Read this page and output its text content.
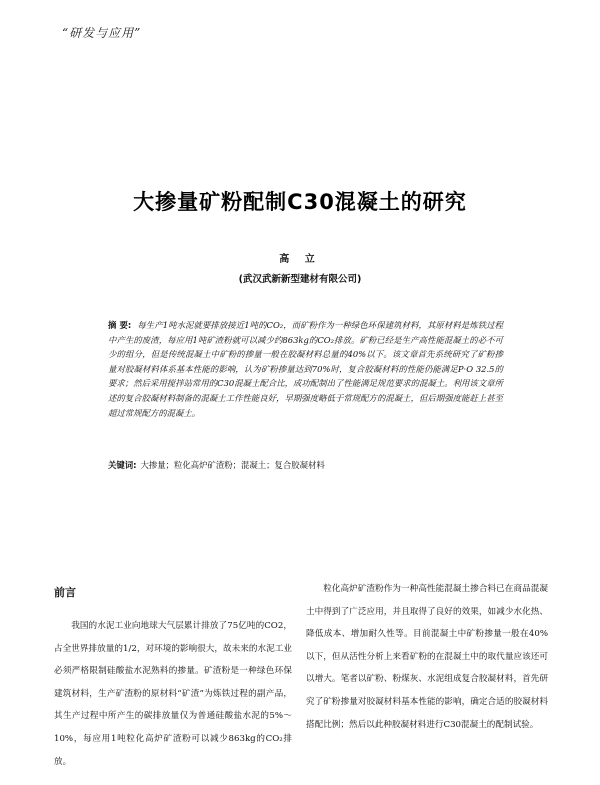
“研发与应用”
大掺量矿粉配制C30混凝土的研究
高 立
(武汉武新新型建材有限公司)
摘 要: 每生产1吨水泥就要排放接近1吨的CO₂，而矿粉作为一种绿色环保建筑材料，其原材料是炼铁过程中产生的废渣，每应用1吨矿渣粉就可以减少约863kg的CO₂排放。矿粉已经是生产高性能混凝土的必不可少的组分，但是传统混凝土中矿粉的掺量一般在胶凝材料总量的40%以下。该文章首先系统研究了矿粉掺量对胶凝材料体系基本性能的影响，认为矿粉掺量达到70%时，复合胶凝材料的性能仍能满足P·O 32.5的要求；然后采用搅拌站常用的C30混凝土配合比，成功配制出了性能满足规范要求的混凝土。利用该文章所述的复合胶凝材料制备的混凝土工作性能良好，早期强度略低于常规配方的混凝土，但后期强度能赶上甚至超过常规配方的混凝土。
关键词: 大掺量；粒化高炉矿渣粉；混凝土；复合胶凝材料
前言

我国的水泥工业向地球大气层累计排放了75亿吨的CO2，占全世界排放量的1/2，对环境的影响很大，故未来的水泥工业必须严格限制硅酸盐水泥熟料的掺量。矿渣粉是一种绿色环保建筑材料，生产矿渣粉的原材料“矿渣”为炼铁过程的副产品，其生产过程中所产生的碳排放量仅为普通硅酸盐水泥的5%～10%，每应用1吨粒化高炉矿渣粉可以减少863kg的CO₂排放。

粒化高炉矿渣粉作为一种高性能混凝土掺合料已在商品混凝土中得到了广泛应用，并且取得了良好的效果，如减少水化热、降低成本、增加耐久性等。目前混凝土中矿粉掺量一般在40%以下，但从活性分析上来看矿粉的在混凝土中的取代量应该还可以增大。笔者以矿粉、粉煤灰、水泥组成复合胶凝材料，首先研究了矿粉掺量对胶凝材料基本性能的影响，确定合适的胶凝材料搭配比例；然后以此种胶凝材料进行C30混凝土的配制试验。
